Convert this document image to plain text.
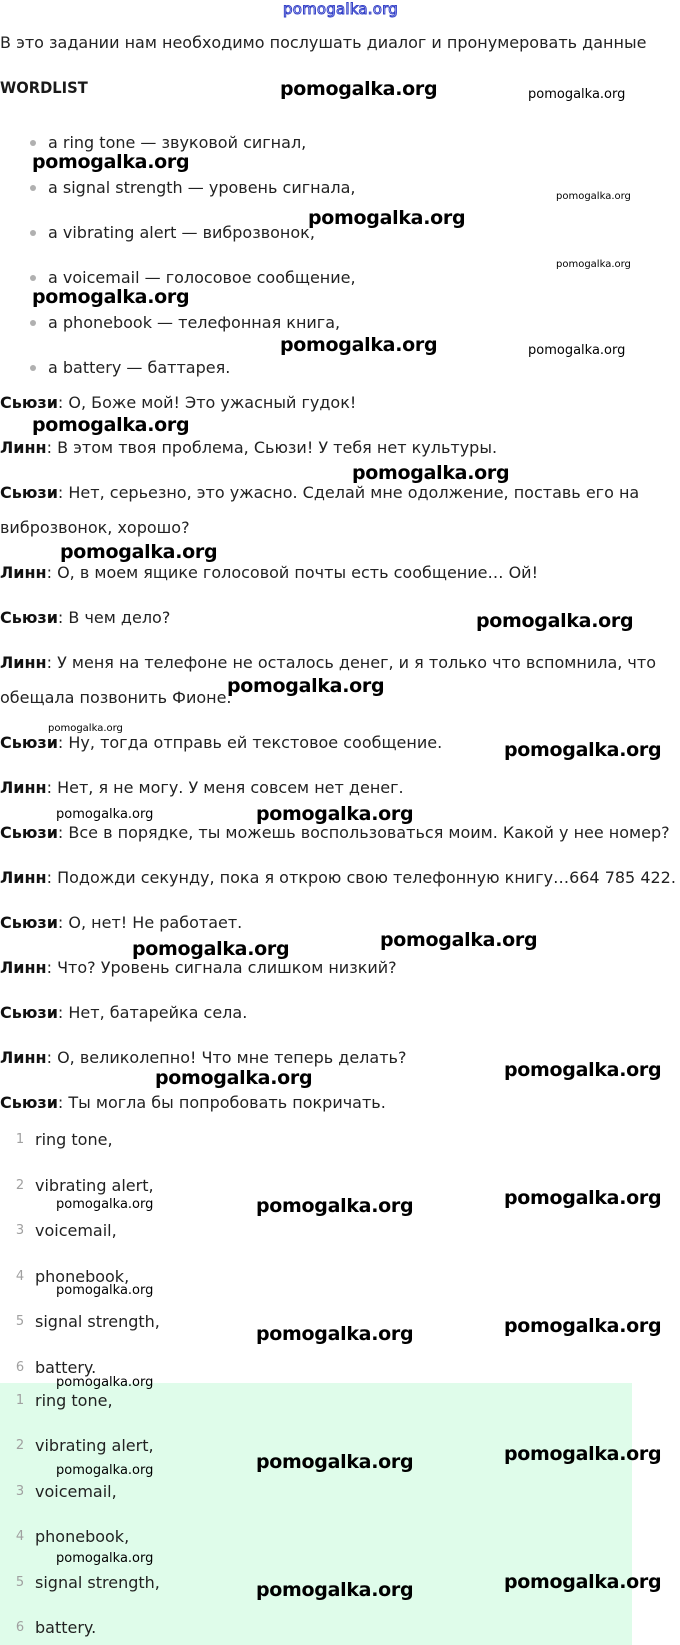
pomogalka.org
В это задании нам необходимо послушать диалог и пронумеровать данные
WORDLIST
a ring tone — звуковой сигнал,
a signal strength — уровень сигнала,
a vibrating alert — виброзвонок,
a voicemail — голосовое сообщение,
a phonebook — телефонная книга,
a battery — баттарея.
Сьюзи: О, Боже мой! Это ужасный гудок!
Линн: В этом твоя проблема, Сьюзи! У тебя нет культуры.
Сьюзи: Нет, серьезно, это ужасно. Сделай мне одолжение, поставь его на
виброзвонок, хорошо?
Линн: О, в моем ящике голосовой почты есть сообщение… Ой!
Сьюзи: В чем дело?
Линн: У меня на телефоне не осталось денег, и я только что вспомнила, что
обещала позвонить Фионе.
Сьюзи: Ну, тогда отправь ей текстовое сообщение.
Линн: Нет, я не могу. У меня совсем нет денег.
Сьюзи: Все в порядке, ты можешь воспользоваться моим. Какой у нее номер?
Линн: Подожди секунду, пока я открою свою телефонную книгу…664 785 422.
Сьюзи: О, нет! Не работает.
Линн: Что? Уровень сигнала слишком низкий?
Сьюзи: Нет, батарейка села.
Линн: О, великолепно! Что мне теперь делать?
Сьюзи: Ты могла бы попробовать покричать.
1 ring tone,
2 vibrating alert,
3 voicemail,
4 phonebook,
5 signal strength,
6 battery.
1 ring tone,
2 vibrating alert,
3 voicemail,
4 phonebook,
5 signal strength,
6 battery.
pomogalka.org
pomogalka.org
pomogalka.org
pomogalka.org
pomogalka.org
pomogalka.org
pomogalka.org
pomogalka.org
pomogalka.org
pomogalka.org
pomogalka.org
pomogalka.org
pomogalka.org
pomogalka.org
pomogalka.org
pomogalka.org
pomogalka.org
pomogalka.org
pomogalka.org
pomogalka.org
pomogalka.org
pomogalka.org
pomogalka.org
pomogalka.org
pomogalka.org
pomogalka.org
pomogalka.org
pomogalka.org
pomogalka.org
pomogalka.org
pomogalka.org
pomogalka.org
pomogalka.org
pomogalka.org
pomogalka.org
